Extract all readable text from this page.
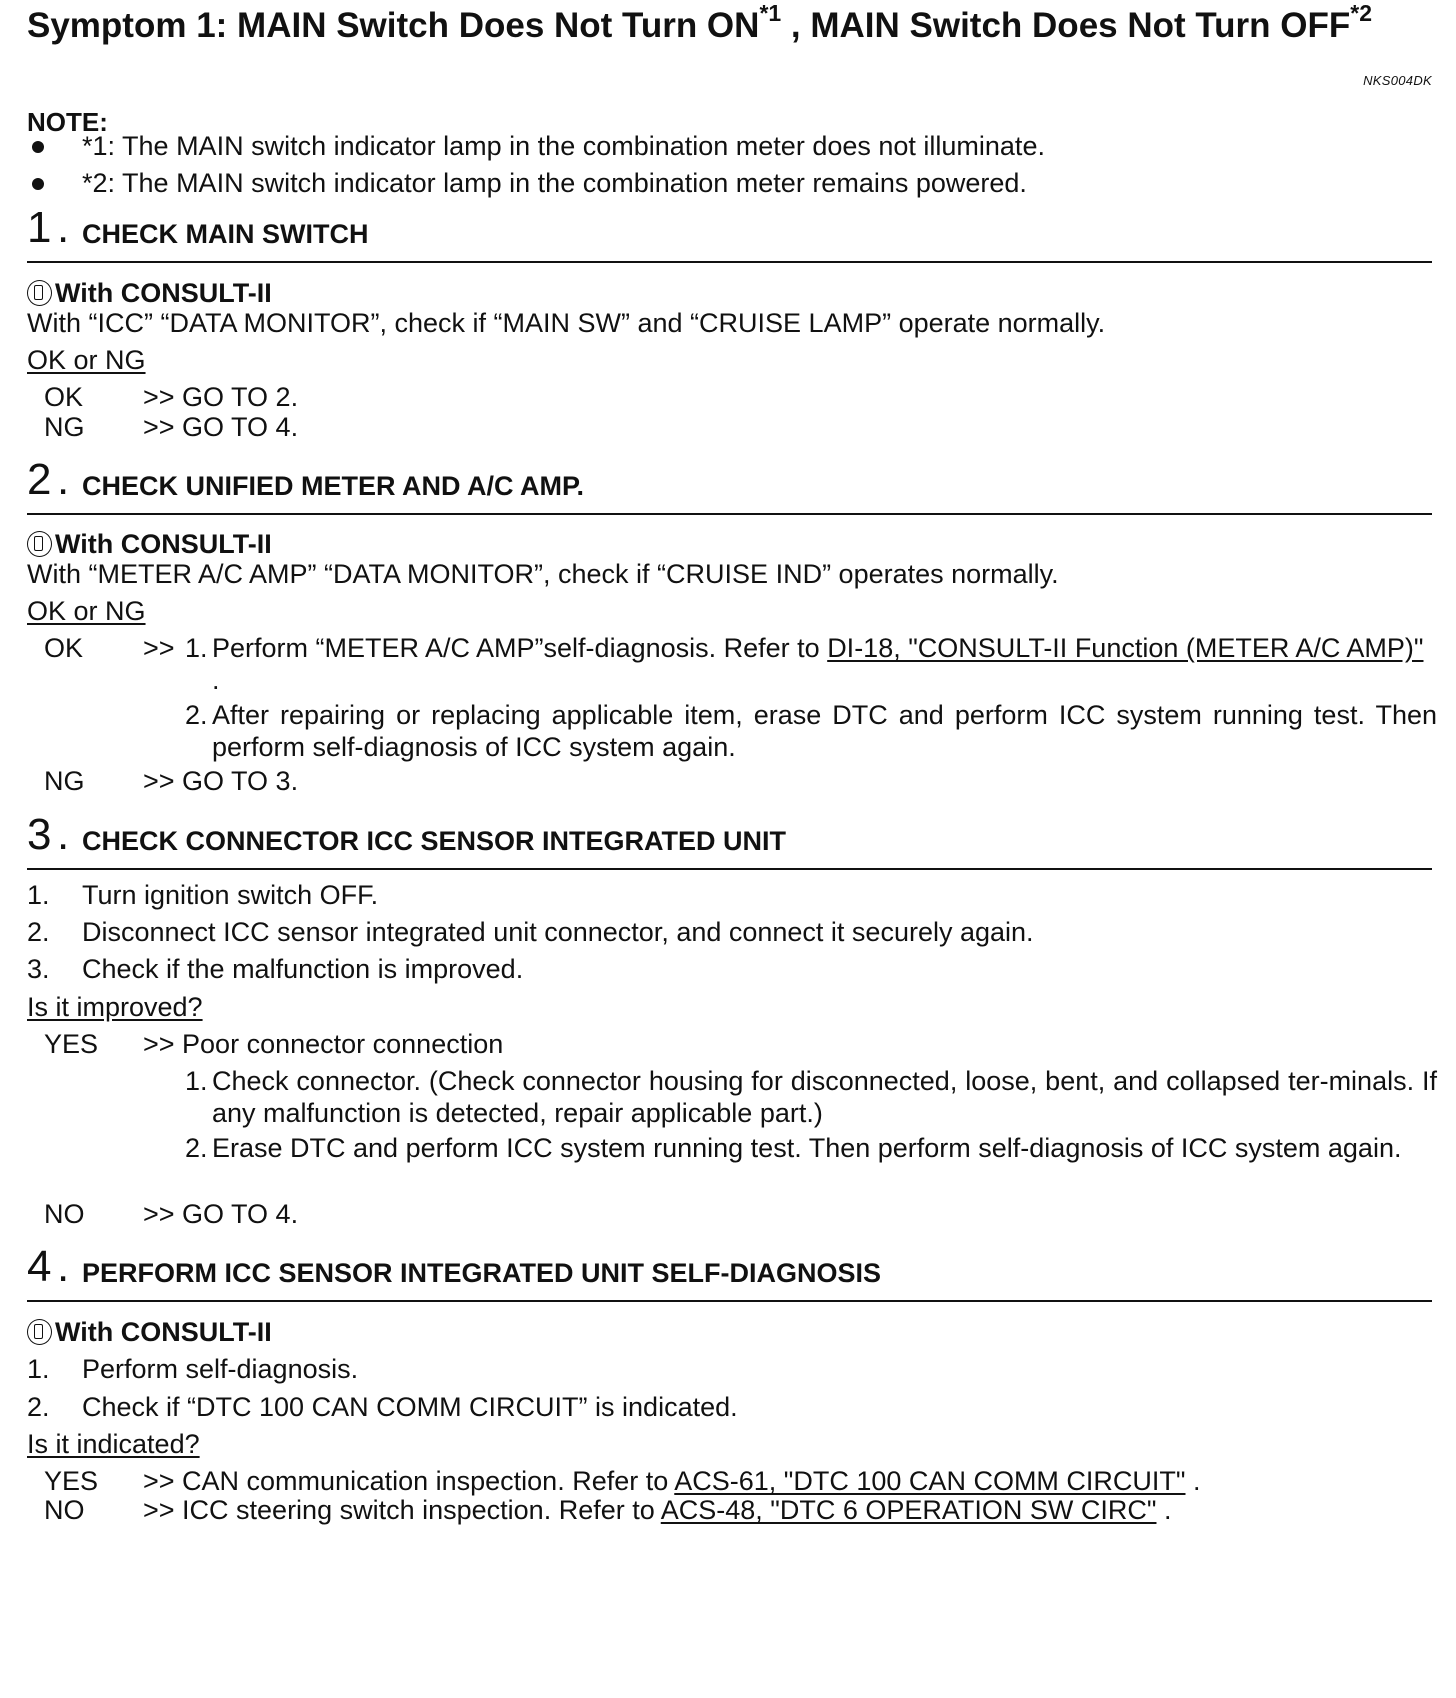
Symptom 1: MAIN Switch Does Not Turn ON$^{*1}$ , MAIN Switch Does Not Turn OFF$^{*2}$
NKS004DK
NOTE:
*1: The MAIN switch indicator lamp in the combination meter does not illuminate.
*2: The MAIN switch indicator lamp in the combination meter remains powered.
1 . CHECK MAIN SWITCH
With CONSULT-II
With “ICC” “DATA MONITOR”, check if “MAIN SW” and “CRUISE LAMP” operate normally.
OK or NG
OK >> GO TO 2.
NG >> GO TO 4.
2 . CHECK UNIFIED METER AND A/C AMP.
With CONSULT-II
With “METER A/C AMP” “DATA MONITOR”, check if “CRUISE IND” operates normally.
OK or NG
OK >> 1. Perform “METER A/C AMP”self-diagnosis. Refer to DI-18, "CONSULT-II Function (METER A/C AMP)" .
2. After repairing or replacing applicable item, erase DTC and perform ICC system running test. Then perform self-diagnosis of ICC system again.
NG >> GO TO 3.
3 . CHECK CONNECTOR ICC SENSOR INTEGRATED UNIT
1. Turn ignition switch OFF.
2. Disconnect ICC sensor integrated unit connector, and connect it securely again.
3. Check if the malfunction is improved.
Is it improved?
YES >> Poor connector connection
1. Check connector. (Check connector housing for disconnected, loose, bent, and collapsed ter-minals. If any malfunction is detected, repair applicable part.)
2. Erase DTC and perform ICC system running test. Then perform self-diagnosis of ICC system again.
NO >> GO TO 4.
4 . PERFORM ICC SENSOR INTEGRATED UNIT SELF-DIAGNOSIS
With CONSULT-II
1. Perform self-diagnosis.
2. Check if “DTC 100 CAN COMM CIRCUIT” is indicated.
Is it indicated?
YES >> CAN communication inspection. Refer to ACS-61, "DTC 100 CAN COMM CIRCUIT" .
NO >> ICC steering switch inspection. Refer to ACS-48, "DTC 6 OPERATION SW CIRC" .
